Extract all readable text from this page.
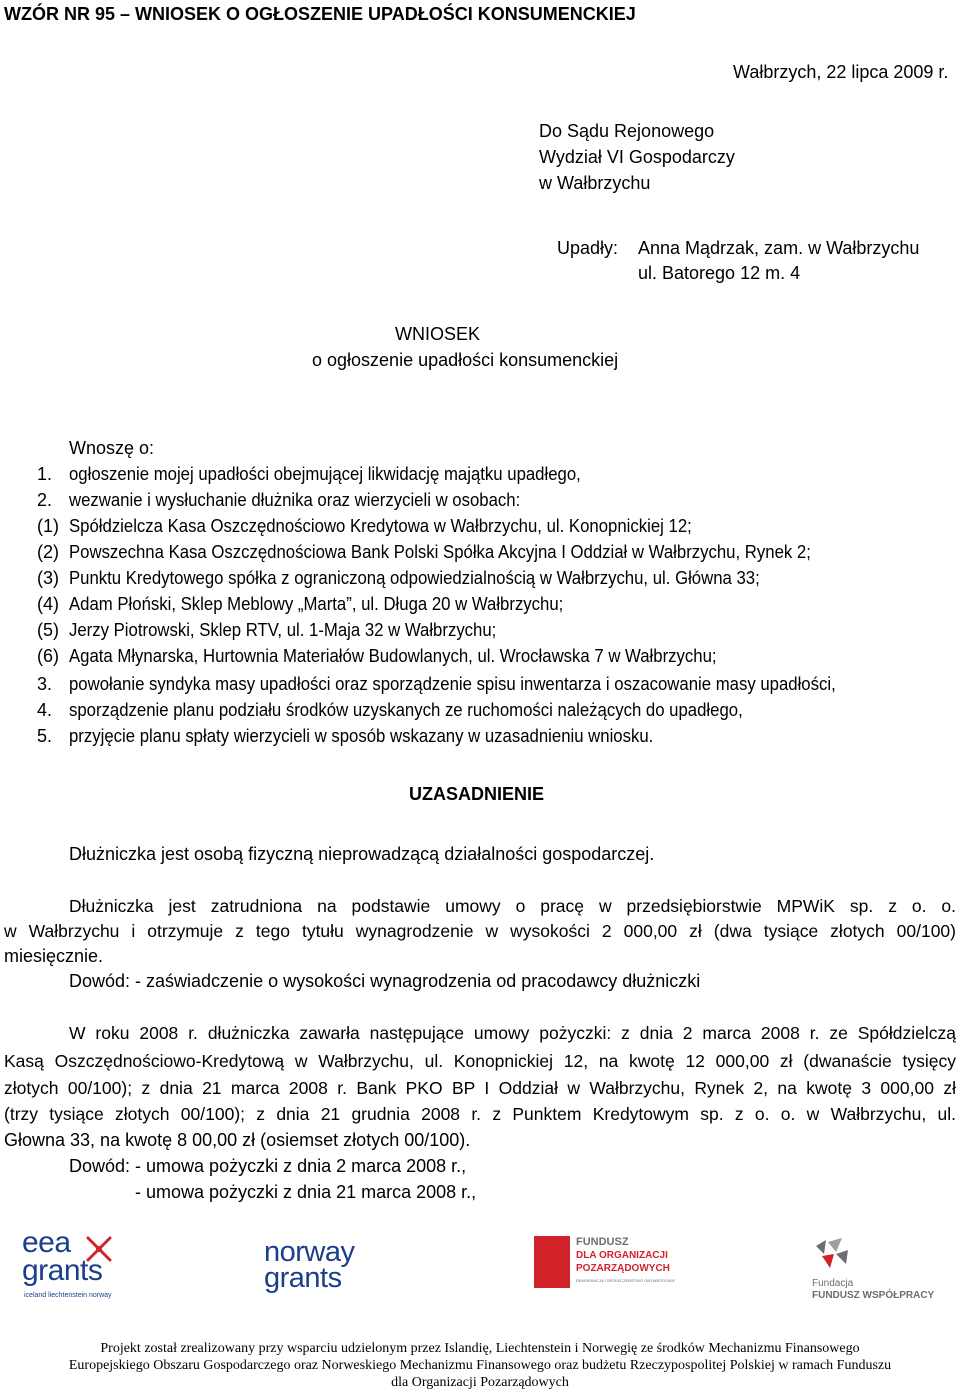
WZÓR NR 95 – WNIOSEK O OGŁOSZENIE UPADŁOŚCI KONSUMENCKIEJ
Wałbrzych, 22 lipca 2009 r.
Do Sądu Rejonowego
Wydział VI Gospodarczy
w Wałbrzychu
Upadły: Anna Mądrzak, zam. w Wałbrzychu
ul. Batorego 12 m. 4
WNIOSEK
o ogłoszenie upadłości konsumenckiej
Wnoszę o:
1. ogłoszenie mojej upadłości obejmującej likwidację majątku upadłego,
2. wezwanie i wysłuchanie dłużnika oraz wierzycieli w osobach:
(1) Spółdzielcza Kasa Oszczędnościowo Kredytowa w Wałbrzychu, ul. Konopnickiej 12;
(2) Powszechna Kasa Oszczędnościowa Bank Polski Spółka Akcyjna I Oddział w Wałbrzychu, Rynek 2;
(3) Punktu Kredytowego spółka z ograniczoną odpowiedzialnością w Wałbrzychu, ul. Główna 33;
(4) Adam Płoński, Sklep Meblowy „Marta”, ul. Długa 20 w Wałbrzychu;
(5) Jerzy Piotrowski, Sklep RTV, ul. 1-Maja 32 w Wałbrzychu;
(6) Agata Młynarska, Hurtownia Materiałów Budowlanych, ul. Wrocławska 7 w Wałbrzychu;
3. powołanie syndyka masy upadłości oraz sporządzenie spisu inwentarza i oszacowanie masy upadłości,
4. sporządzenie planu podziału środków uzyskanych ze ruchomości należących do upadłego,
5. przyjęcie planu spłaty wierzycieli w sposób wskazany w uzasadnieniu wniosku.
UZASADNIENIE
Dłużniczka jest osobą fizyczną nieprowadzącą działalności gospodarczej.
Dłużniczka jest zatrudniona na podstawie umowy o pracę w przedsiębiorstwie MPWiK sp. z o. o.
w Wałbrzychu i otrzymuje z tego tytułu wynagrodzenie w wysokości 2 000,00 zł (dwa tysiące złotych 00/100)
miesięcznie.
Dowód: - zaświadczenie o wysokości wynagrodzenia od pracodawcy dłużniczki
W roku 2008 r. dłużniczka zawarła następujące umowy pożyczki: z dnia 2 marca 2008 r. ze Spółdzielczą
Kasą Oszczędnościowo-Kredytową w Wałbrzychu, ul. Konopnickiej 12, na kwotę 12 000,00 zł (dwanaście tysięcy
złotych 00/100); z dnia 21 marca 2008 r. Bank PKO BP I Oddział w Wałbrzychu, Rynek 2, na kwotę 3 000,00 zł
(trzy tysiące złotych 00/100); z dnia 21 grudnia 2008 r. z Punktem Kredytowym sp. z o. o. w Wałbrzychu, ul.
Głowna 33, na kwotę 8 00,00 zł (osiemset złotych 00/100).
Dowód: - umowa pożyczki z dnia 2 marca 2008 r.,
- umowa pożyczki z dnia 21 marca 2008 r.,
eea
grants
iceland liechtenstein norway
norway
grants
FUNDUSZ
DLA ORGANIZACJI
POZARZĄDOWYCH
DEMOKRACJA I SPOŁECZEŃSTWO OBYWATELSKIE	Fundacja
FUNDUSZ WSPÓŁPRACY
Projekt został zrealizowany przy wsparciu udzielonym przez Islandię, Liechtenstein i Norwegię ze środków Mechanizmu Finansowego
Europejskiego Obszaru Gospodarczego oraz Norweskiego Mechanizmu Finansowego oraz budżetu Rzeczypospolitej Polskiej w ramach Funduszu
dla Organizacji Pozarządowych
